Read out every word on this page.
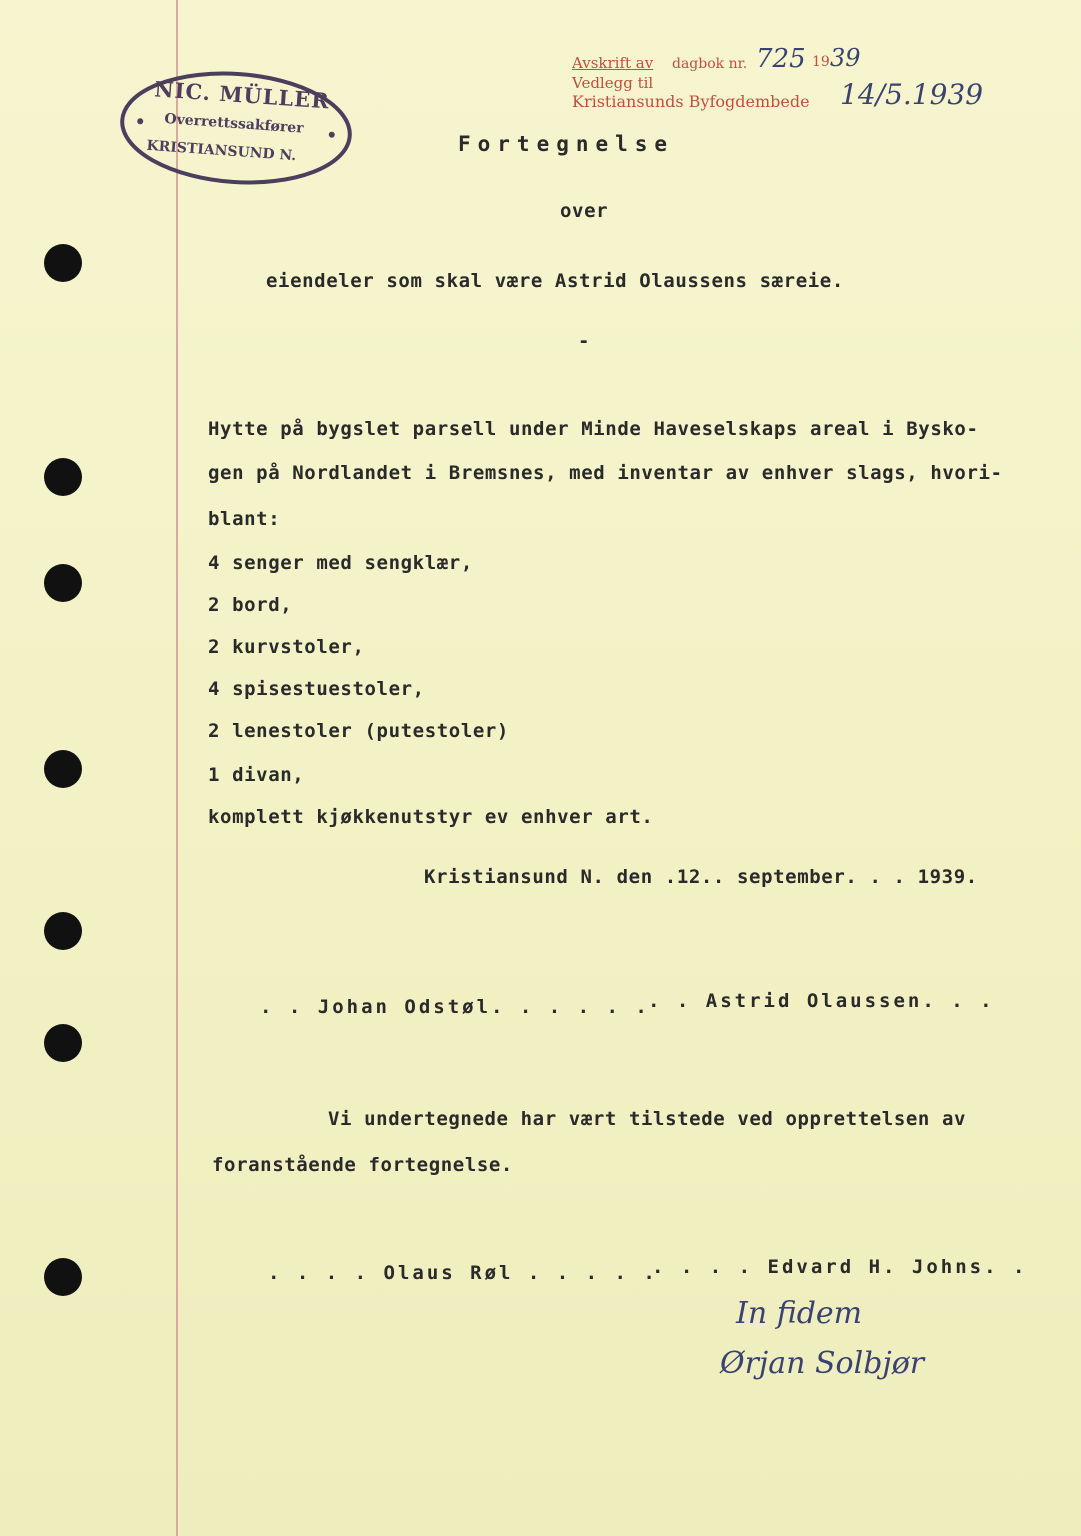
NIC. MÜLLER
Overrettssakfører
KRISTIANSUND N.
Avskrift av dagbok nr. 725 19 39
Vedlegg til
Kristiansunds Byfogdembede 14/5.1939
Fortegnelse
over
eiendeler som skal være Astrid Olaussens særeie.
-
Hytte på bygslet parsell under Minde Haveselskaps areal i Bysko-
gen på Nordlandet i Bremsnes, med inventar av enhver slags, hvori-
blant:
4 senger med sengklær,
2 bord,
2 kurvstoler,
4 spisestuestoler,
2 lenestoler (putestoler)
1 divan,
komplett kjøkkenutstyr ev enhver art.
Kristiansund N. den .12.. september. . . 1939.
. . Johan Odstøl. . . . . .
. . Astrid Olaussen. . .
Vi undertegnede har vært tilstede ved opprettelsen av
foranstående fortegnelse.
. . . . Olaus Røl . . . . .
. . . . Edvard H. Johns. .
In fidem
Ørjan Solbjør
